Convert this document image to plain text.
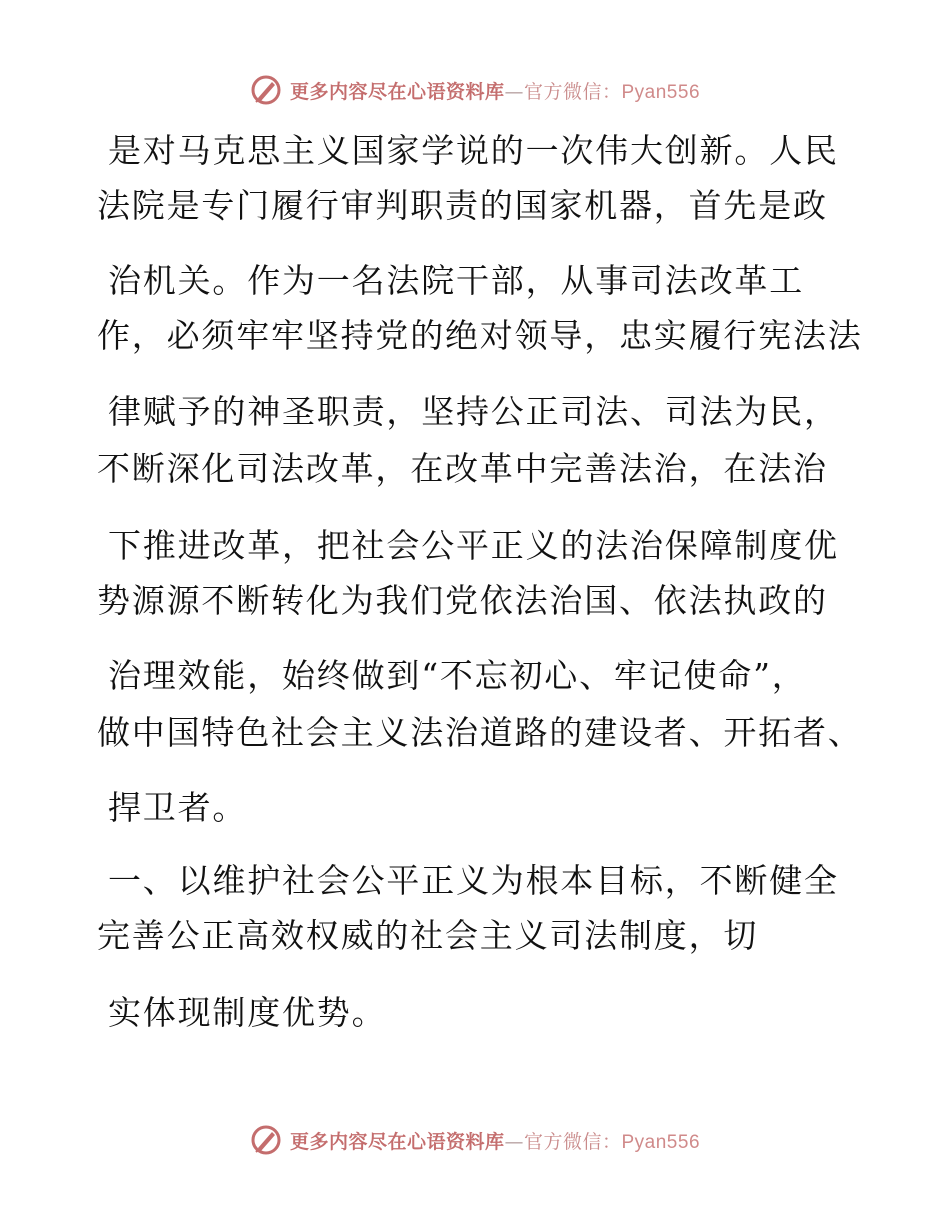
更多内容尽在心语资料库—官方微信：Pyan556
是对马克思主义国家学说的一次伟大创新。人民
法院是专门履行审判职责的国家机器，首先是政
治机关。作为一名法院干部，从事司法改革工
作，必须牢牢坚持党的绝对领导，忠实履行宪法法
律赋予的神圣职责，坚持公正司法、司法为民，
不断深化司法改革，在改革中完善法治，在法治
下推进改革，把社会公平正义的法治保障制度优
势源源不断转化为我们党依法治国、依法执政的
治理效能，始终做到“不忘初心、牢记使命”，
做中国特色社会主义法治道路的建设者、开拓者、
捍卫者。
一、以维护社会公平正义为根本目标，不断健全
完善公正高效权威的社会主义司法制度，切
实体现制度优势。
更多内容尽在心语资料库—官方微信：Pyan556
